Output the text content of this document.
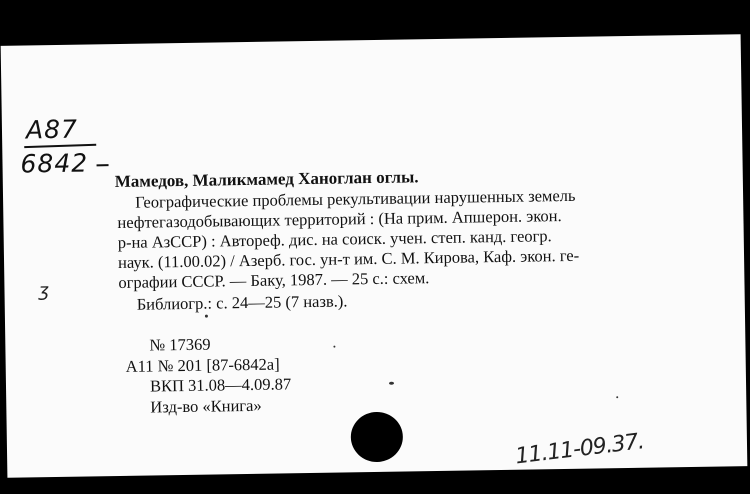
А87
6842
Мамедов, Маликмамед Ханоглан оглы.
Географические проблемы рекультивации нарушенных земель
нефтегазодобывающих территорий : (На прим. Апшерон. экон.
р-на АзССР) : Автореф. дис. на соиск. учен. степ. канд. геогр.
наук. (11.00.02) / Азерб. гос. ун-т им. С. М. Кирова, Каф. экон. ге-
ографии СССР. — Баку, 1987. — 25 с.: схем.
Библиогр.: с. 24—25 (7 назв.).
№ 17369
А11 № 201 [87-6842а]
ВКП 31.08—4.09.87
Изд-во «Книга»
ʒ
11.11-09.37.
